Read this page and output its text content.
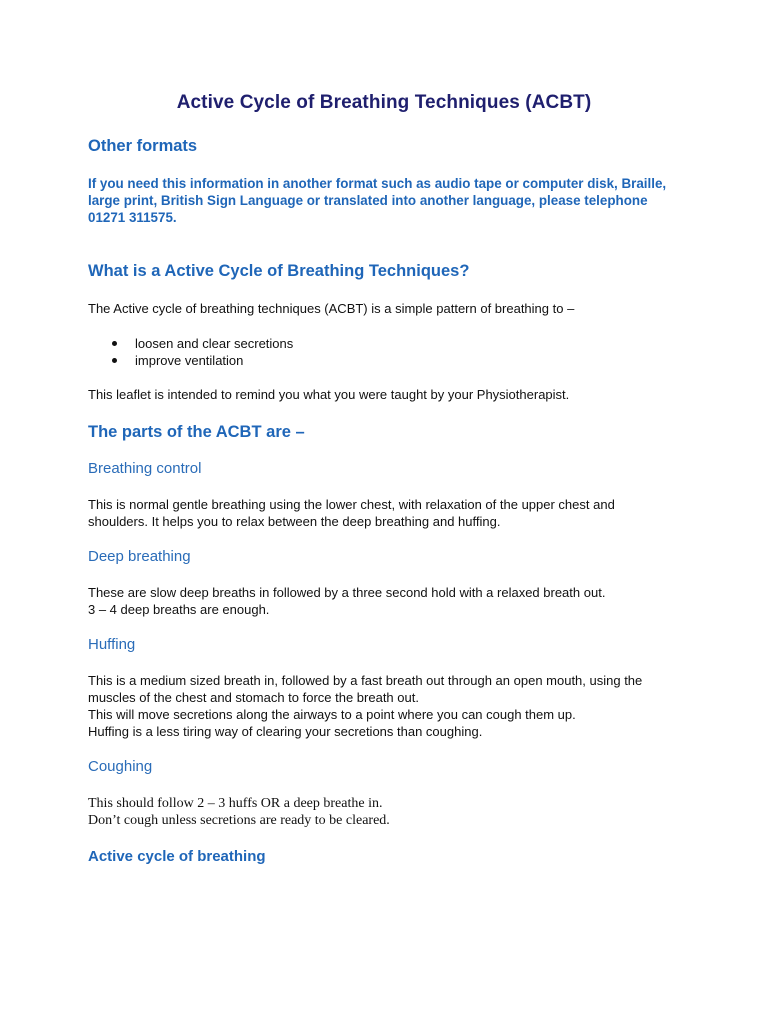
Active Cycle of Breathing Techniques (ACBT)
Other formats
If you need this information in another format such as audio tape or computer disk, Braille,
large print, British Sign Language or translated into another language, please telephone
01271 311575.
What is a Active Cycle of Breathing Techniques?

The Active cycle of breathing techniques (ACBT) is a simple pattern of breathing to –

loosen and clear secretions
improve ventilation

This leaflet is intended to remind you what you were taught by your Physiotherapist.

The parts of the ACBT are –
Breathing control
This is normal gentle breathing using the lower chest, with relaxation of the upper chest and
shoulders. It helps you to relax between the deep breathing and huffing.
Deep breathing
These are slow deep breaths in followed by a three second hold with a relaxed breath out.
3 – 4 deep breaths are enough.
Huffing
This is a medium sized breath in, followed by a fast breath out through an open mouth, using the
muscles of the chest and stomach to force the breath out.
This will move secretions along the airways to a point where you can cough them up.
Huffing is a less tiring way of clearing your secretions than coughing.
Coughing
This should follow 2 – 3 huffs OR a deep breathe in.
Don’t cough unless secretions are ready to be cleared.
Active cycle of breathing
